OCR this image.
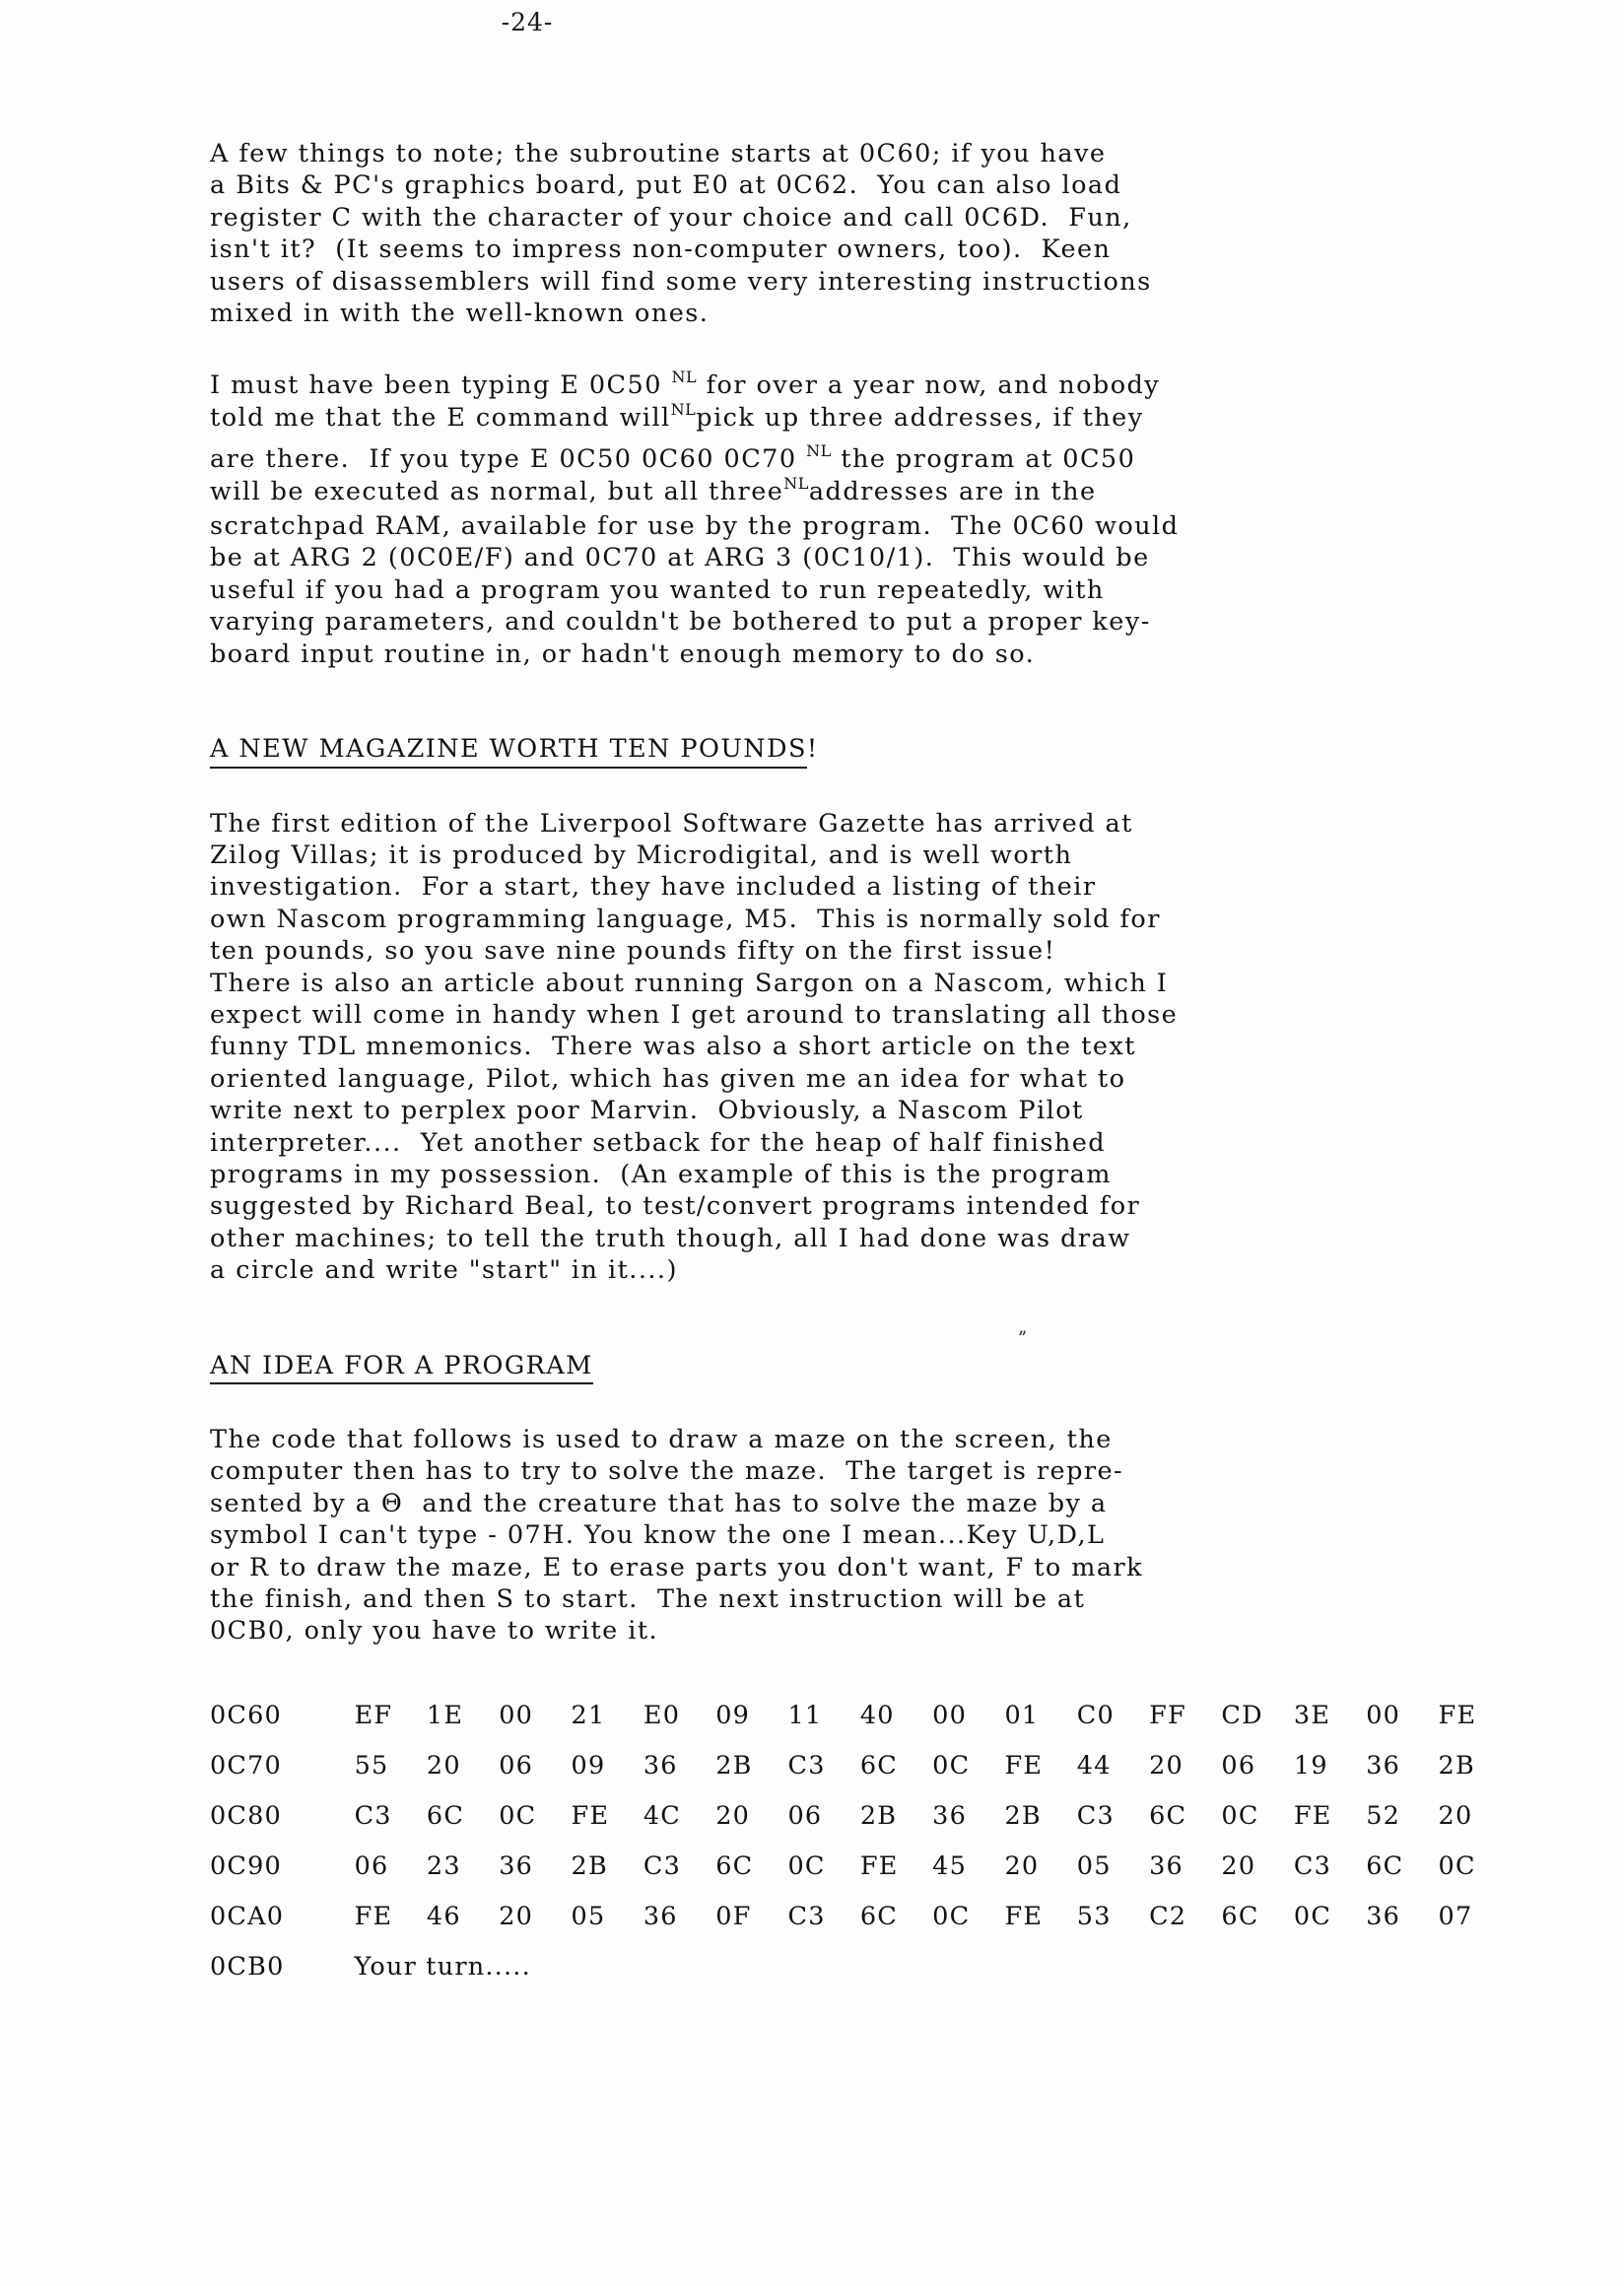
-24-

A few things to note; the subroutine starts at 0C60; if you have
a Bits & PC's graphics board, put E0 at 0C62.  You can also load
register C with the character of your choice and call 0C6D.  Fun,
isn't it?  (It seems to impress non-computer owners, too).  Keen
users of disassemblers will find some very interesting instructions
mixed in with the well-known ones.

I must have been typing E 0C50 $^{NL}$ for over a year now, and nobody
told me that the E command will$^{NL}$pick up three addresses, if they
are there.  If you type E 0C50 0C60 0C70 $^{NL}$ the program at 0C50
will be executed as normal, but all three$^{NL}$addresses are in the
scratchpad RAM, available for use by the program.  The 0C60 would
be at ARG 2 (0C0E/F) and 0C70 at ARG 3 (0C10/1).  This would be
useful if you had a program you wanted to run repeatedly, with
varying parameters, and couldn't be bothered to put a proper key-
board input routine in, or hadn't enough memory to do so.

A NEW MAGAZINE WORTH TEN POUNDS!

The first edition of the Liverpool Software Gazette has arrived at
Zilog Villas; it is produced by Microdigital, and is well worth
investigation.  For a start, they have included a listing of their
own Nascom programming language, M5.  This is normally sold for
ten pounds, so you save nine pounds fifty on the first issue!
There is also an article about running Sargon on a Nascom, which I
expect will come in handy when I get around to translating all those
funny TDL mnemonics.  There was also a short article on the text
oriented language, Pilot, which has given me an idea for what to
write next to perplex poor Marvin.  Obviously, a Nascom Pilot
interpreter....  Yet another setback for the heap of half finished
programs in my possession.  (An example of this is the program
suggested by Richard Beal, to test/convert programs intended for
other machines; to tell the truth though, all I had done was draw
a circle and write "start" in it....)

AN IDEA FOR A PROGRAM

The code that follows is used to draw a maze on the screen, the
computer then has to try to solve the maze.  The target is repre-
sented by a Θ  and the creature that has to solve the maze by a
symbol I can't type - 07H. You know the one I mean...Key U,D,L
or R to draw the maze, E to erase parts you don't want, F to mark
the finish, and then S to start.  The next instruction will be at
0CB0, only you have to write it.

0C60	EF	1E	00	21	E0	09	11	40	00	01	C0	FF	CD	3E	00	FE
0C70	55	20	06	09	36	2B	C3	6C	0C	FE	44	20	06	19	36	2B
0C80	C3	6C	0C	FE	4C	20	06	2B	36	2B	C3	6C	0C	FE	52	20
0C90	06	23	36	2B	C3	6C	0C	FE	45	20	05	36	20	C3	6C	0C
0CA0	FE	46	20	05	36	0F	C3	6C	0C	FE	53	C2	6C	0C	36	07
0CB0	Your turn.....															
ˮ
